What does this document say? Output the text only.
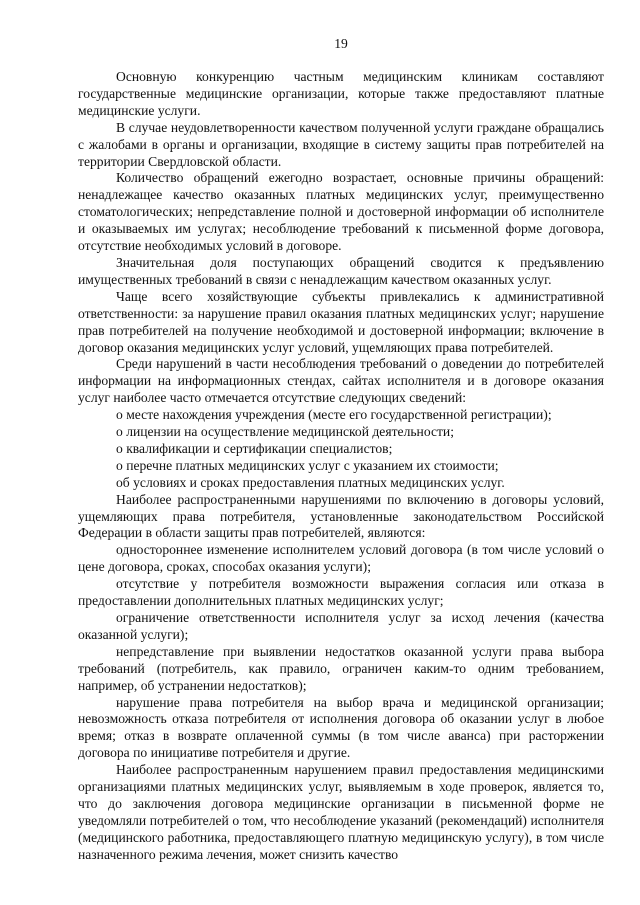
19

Основную конкуренцию частным медицинским клиникам составляют государственные медицинские организации, которые также предоставляют платные медицинские услуги.

В случае неудовлетворенности качеством полученной услуги граждане обращались с жалобами в органы и организации, входящие в систему защиты прав потребителей на территории Свердловской области.

Количество обращений ежегодно возрастает, основные причины обращений: ненадлежащее качество оказанных платных медицинских услуг, преимущественно стоматологических; непредставление полной и достоверной информации об исполнителе и оказываемых им услугах; несоблюдение требований к письменной форме договора, отсутствие необходимых условий в договоре.

Значительная доля поступающих обращений сводится к предъявлению имущественных требований в связи с ненадлежащим качеством оказанных услуг.

Чаще всего хозяйствующие субъекты привлекались к административной ответственности: за нарушение правил оказания платных медицинских услуг; нарушение прав потребителей на получение необходимой и достоверной информации; включение в договор оказания медицинских услуг условий, ущемляющих права потребителей.

Среди нарушений в части несоблюдения требований о доведении до потребителей информации на информационных стендах, сайтах исполнителя и в договоре оказания услуг наиболее часто отмечается отсутствие следующих сведений:

о месте нахождения учреждения (месте его государственной регистрации);

о лицензии на осуществление медицинской деятельности;

о квалификации и сертификации специалистов;

о перечне платных медицинских услуг с указанием их стоимости;

об условиях и сроках предоставления платных медицинских услуг.

Наиболее распространенными нарушениями по включению в договоры условий, ущемляющих права потребителя, установленные законодательством Российской Федерации в области защиты прав потребителей, являются:

одностороннее изменение исполнителем условий договора (в том числе условий о цене договора, сроках, способах оказания услуги);

отсутствие у потребителя возможности выражения согласия или отказа в предоставлении дополнительных платных медицинских услуг;

ограничение ответственности исполнителя услуг за исход лечения (качества оказанной услуги);

непредставление при выявлении недостатков оказанной услуги права выбора требований (потребитель, как правило, ограничен каким-то одним требованием, например, об устранении недостатков);

нарушение права потребителя на выбор врача и медицинской организации; невозможность отказа потребителя от исполнения договора об оказании услуг в любое время; отказ в возврате оплаченной суммы (в том числе аванса) при расторжении договора по инициативе потребителя и другие.

Наиболее распространенным нарушением правил предоставления медицинскими организациями платных медицинских услуг, выявляемым в ходе проверок, является то, что до заключения договора медицинские организации в письменной форме не уведомляли потребителей о том, что несоблюдение указаний (рекомендаций) исполнителя (медицинского работника, предоставляющего платную медицинскую услугу), в том числе назначенного режима лечения, может снизить качество
